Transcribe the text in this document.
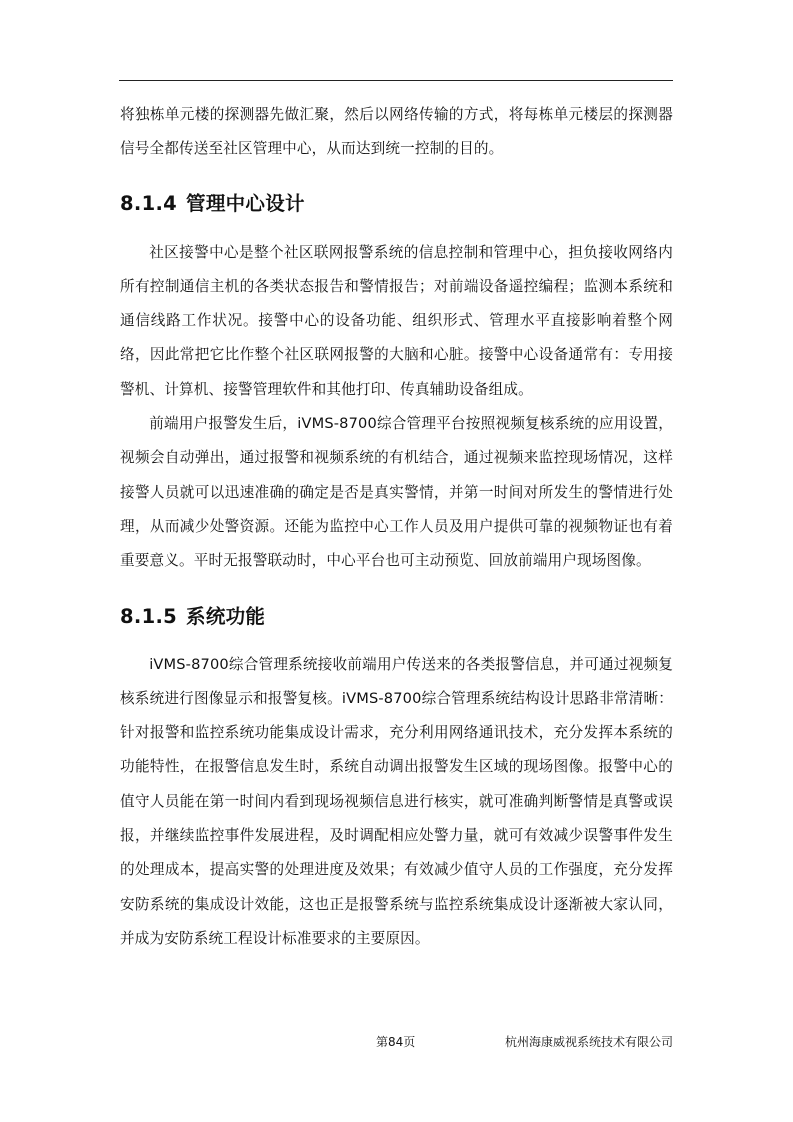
将独栋单元楼的探测器先做汇聚，然后以网络传输的方式，将每栋单元楼层的探测器信号全都传送至社区管理中心，从而达到统一控制的目的。

8.1.4 管理中心设计

社区接警中心是整个社区联网报警系统的信息控制和管理中心，担负接收网络内所有控制通信主机的各类状态报告和警情报告；对前端设备遥控编程；监测本系统和通信线路工作状况。接警中心的设备功能、组织形式、管理水平直接影响着整个网络，因此常把它比作整个社区联网报警的大脑和心脏。接警中心设备通常有：专用接警机、计算机、接警管理软件和其他打印、传真辅助设备组成。

前端用户报警发生后，iVMS-8700综合管理平台按照视频复核系统的应用设置，视频会自动弹出，通过报警和视频系统的有机结合，通过视频来监控现场情况，这样接警人员就可以迅速准确的确定是否是真实警情，并第一时间对所发生的警情进行处理，从而减少处警资源。还能为监控中心工作人员及用户提供可靠的视频物证也有着重要意义。平时无报警联动时，中心平台也可主动预览、回放前端用户现场图像。

8.1.5 系统功能

iVMS-8700综合管理系统接收前端用户传送来的各类报警信息，并可通过视频复核系统进行图像显示和报警复核。iVMS-8700综合管理系统结构设计思路非常清晰：针对报警和监控系统功能集成设计需求，充分利用网络通讯技术，充分发挥本系统的功能特性，在报警信息发生时，系统自动调出报警发生区域的现场图像。报警中心的值守人员能在第一时间内看到现场视频信息进行核实，就可准确判断警情是真警或误报，并继续监控事件发展进程，及时调配相应处警力量，就可有效减少误警事件发生的处理成本，提高实警的处理进度及效果；有效减少值守人员的工作强度，充分发挥安防系统的集成设计效能，这也正是报警系统与监控系统集成设计逐渐被大家认同，并成为安防系统工程设计标准要求的主要原因。

第84页	杭州海康威视系统技术有限公司
